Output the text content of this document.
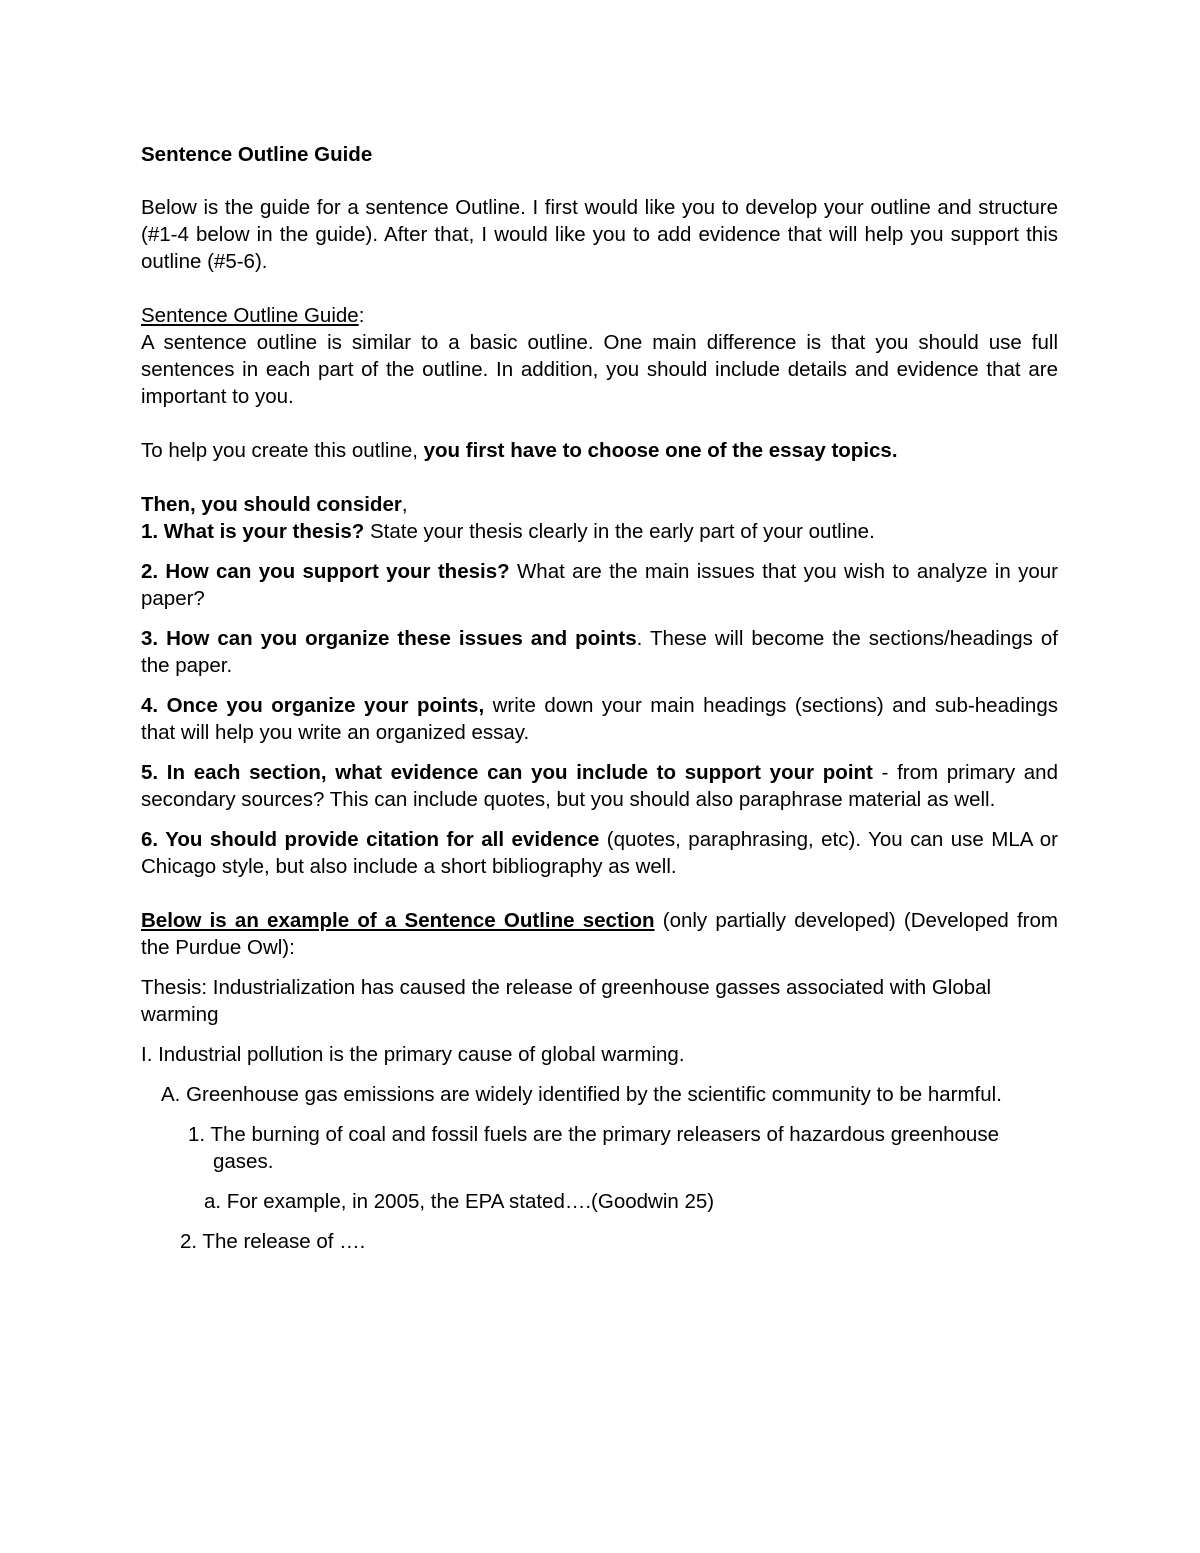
Sentence Outline Guide

Below is the guide for a sentence Outline. I first would like you to develop your outline and structure (#1-4 below in the guide). After that, I would like you to add evidence that will help you support this outline (#5-6).

Sentence Outline Guide:

A sentence outline is similar to a basic outline. One main difference is that you should use full sentences in each part of the outline. In addition, you should include details and evidence that are important to you.

To help you create this outline, you first have to choose one of the essay topics.

Then, you should consider,

1. What is your thesis? State your thesis clearly in the early part of your outline.

2. How can you support your thesis? What are the main issues that you wish to analyze in your paper?

3. How can you organize these issues and points. These will become the sections/headings of the paper.

4. Once you organize your points, write down your main headings (sections) and sub-headings that will help you write an organized essay.

5. In each section, what evidence can you include to support your point - from primary and secondary sources? This can include quotes, but you should also paraphrase material as well.

6. You should provide citation for all evidence (quotes, paraphrasing, etc). You can use MLA or Chicago style, but also include a short bibliography as well.

Below is an example of a Sentence Outline section (only partially developed) (Developed from the Purdue Owl):

Thesis: Industrialization has caused the release of greenhouse gasses associated with Global warming

I. Industrial pollution is the primary cause of global warming.

A. Greenhouse gas emissions are widely identified by the scientific community to be harmful.

1. The burning of coal and fossil fuels are the primary releasers of hazardous greenhouse gases.

a. For example, in 2005, the EPA stated….(Goodwin 25)

2. The release of ….
